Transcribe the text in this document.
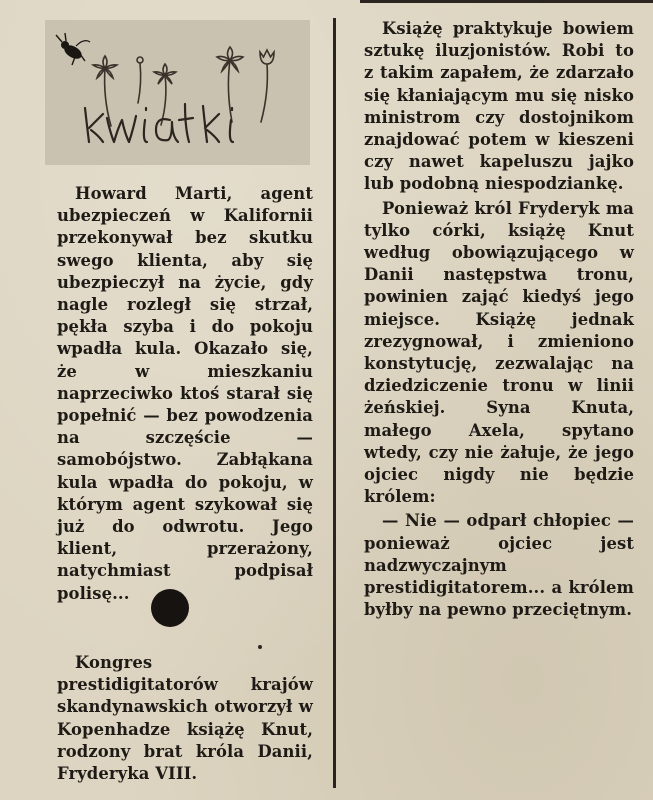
kwiatki

Howard Marti, agent ubezpieczeń w Kalifornii przekonywał bez skutku swego klienta, aby się ubezpieczył na życie, gdy nagle rozległ się strzał, pękła szyba i do pokoju wpadła kula. Okazało się, że w mieszkaniu naprzeciwko ktoś starał się popełnić — bez powodzenia na szczęście — samobójstwo. Zabłąkana kula wpadła do pokoju, w którym agent szykował się już do odwrotu. Jego klient, przerażony, natychmiast podpisał polisę...

Kongres prestidigitatorów krajów skandynawskich otworzył w Kopenhadze książę Knut, rodzony brat króla Danii, Fryderyka VIII.

Książę praktykuje bowiem sztukę iluzjonistów. Robi to z takim zapałem, że zdarzało się kłaniającym mu się nisko ministrom czy dostojnikom znajdować potem w kieszeni czy nawet kapeluszu jajko lub podobną niespodziankę.

Ponieważ król Fryderyk ma tylko córki, książę Knut według obowiązującego w Danii następstwa tronu, powinien zająć kiedyś jego miejsce. Książę jednak zrezygnował, i zmieniono konstytucję, zezwalając na dziedziczenie tronu w linii żeńskiej. Syna Knuta, małego Axela, spytano wtedy, czy nie żałuje, że jego ojciec nigdy nie będzie królem:

— Nie — odparł chłopiec — ponieważ ojciec jest nadzwyczajnym prestidigitatorem... a królem byłby na pewno przeciętnym.
